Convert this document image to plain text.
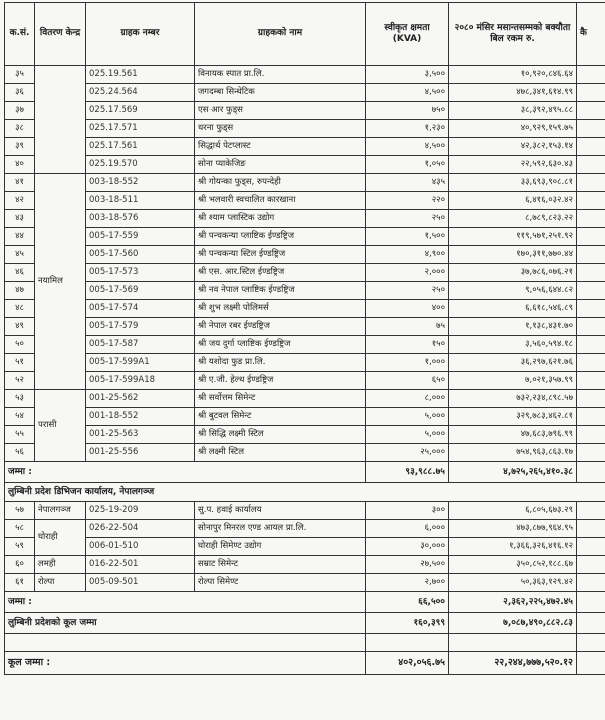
क.सं.	वितरण केन्द्र	ग्राहक नम्बर	ग्राहकको नाम	स्वीकृत क्षमता (KVA)	२०८० मंसिर मसान्तसम्मको बक्यौता बिल रकम रु.	कै
३५		025.19.561	विनायक स्पात प्रा.लि.	३,५००	१०,९२०,८४६.६४	
३६		025.24.564	जगदम्बा सिन्थेटिक	४,५००	४७८,३४१,६१४.९९	
३७		025.17.569	एस आर फुड्स	७५०	३८,३९२,४९५.८८	
३८		025.17.571	धरना फुड्स	१,२३०	४०,९२९,१५९.७५	
३९		025.17.561	सिद्धार्थ पेटप्लास्ट	४,५००	४२,३८२,१५३.१४	
४०		025.19.570	सोना प्याकेजिङ	१,०५०	२२,५९२,६३०.४३	
४१	नयामिल	003-18-552	श्री गोयन्का फुड्स, रुपन्देही	४३५	३३,६९३,९०८.८१	
४२		003-18-511	श्री भलवारी स्वचालित कारखाना	२२०	६,४१६,०३२.४२	
४३		003-18-576	श्री श्याम प्लास्टिक उद्योग	२५०	८,७८९,८२३.२२	
४४		005-17-559	श्री पन्चकन्या प्लाष्टिक ईण्डष्ट्रिज	१,५००	११९,५७१,२५१.९२	
४५		005-17-560	श्री पन्चकन्या स्टिल ईण्डष्ट्रिज	४,९००	१७०,३११,७७०.४४	
४६		005-17-573	श्री एस. आर.स्टिल ईण्डष्ट्रिज	२,०००	३७,७८६,०७६.२१	
४७		005-17-569	श्री नव नेपाल प्लाष्टिक ईण्डष्ट्रिज	२५०	९,०५६,६४४.८२	
४८		005-17-574	श्री शुभ लक्ष्मी पोलिमर्स	४००	६,६१८,५४६.८९	
४९		005-17-579	श्री नेपाल रबर ईण्डष्ट्रिज	७५	१,१३८,४३१.७०	
५०		005-17-587	श्री जय दुर्गा प्लाष्टिक ईण्डष्ट्रिज	१५०	३,५६०,५९४.१८	
५१		005-17-599A1	श्री यशोदा फुड प्रा.लि.	१,०००	३६,२९७,६२१.७६	
५२		005-17-599A18	श्री ए.जी. हेल्थ ईण्डष्ट्रिज	६५०	७,०२१,३५७.९९	
५३	परासी	001-25-562	श्री सर्वोत्तम सिमेन्ट	८,०००	७३२,२३४,८९८.५७	
५४		001-18-552	श्री बुटवल सिमेन्ट	५,०००	३२९,७८३,४६२.८१	
५५		001-25-563	श्री सिद्धि लक्ष्मी स्टिल	५,०००	४७,६८३,७९६.९९	
५६		001-25-556	श्री लक्ष्मी स्टिल	२५,०००	७५४,९६३,८६३.१७	
जम्मा :				९३,९८८.७५	४,७२५,२६५,४१०.३८	
लुम्बिनी प्रदेश डिभिजन कार्यालय, नेपालगञ्ज						
५७	नेपालगञ्ज	025-19-209	सु.प. हवाई कार्यालय	३००	६,८०५,६७३.२९	
५८	घोराही	026-22-504	सोनापुर मिनरल एण्ड आयल प्रा.लि.	६,०००	४७३,८७७,९६४.९५	
५९		006-01-510	घोराही सिमेण्ट उद्योग	३०,०००	१,३६६,३२६,४१६.१२	
६०	लमही	016-22-501	सम्राट सिमेन्ट	२७,५००	३५०,८५२,१८८.६७	
६१	रोल्पा	005-09-501	रोल्पा सिमेण्ट	२,७००	५०,३६३,१२९.४२	
जम्मा :				६६,५००	२,३६२,२२५,४७२.४५	
लुम्बिनी प्रदेशको कूल जम्मा				१६०,३९९	७,०८७,४९०,८८२.८३	

कूल जम्मा :				४०२,०५६.७५	२२,२४४,७७७,५२०.१२	
